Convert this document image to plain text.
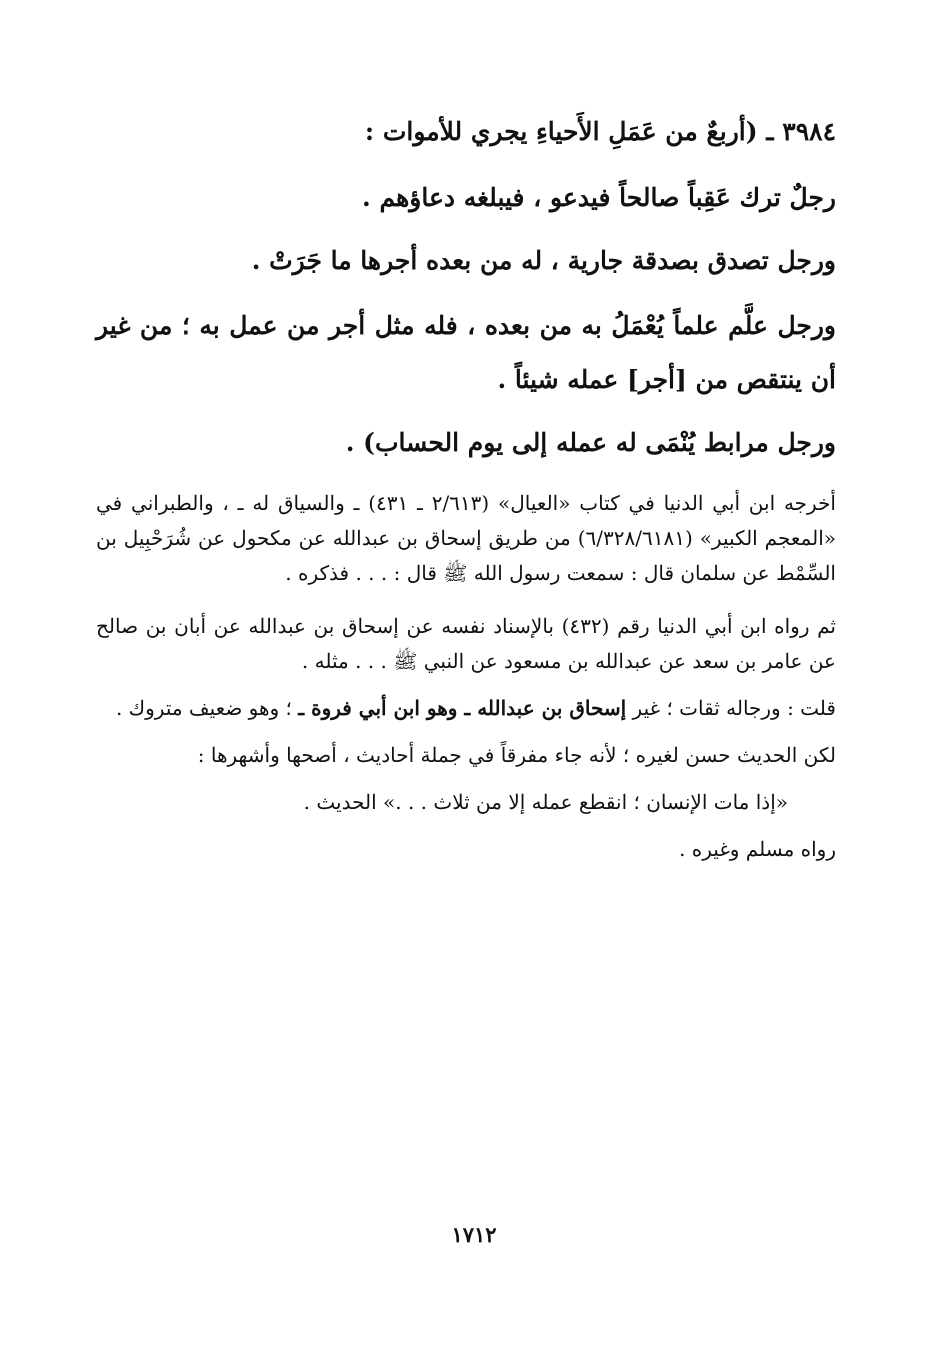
٣٩٨٤ ـ (أربعٌ من عَمَلِ الأَحياءِ يجري للأموات :

رجلٌ ترك عَقِباً صالحاً فيدعو ، فيبلغه دعاؤهم .

ورجل تصدق بصدقة جارية ، له من بعده أجرها ما جَرَتْ .

ورجل علَّم علماً يُعْمَلُ به من بعده ، فله مثل أجر من عمل به ؛ من غير أن ينتقص من [أجر] عمله شيئاً .

ورجل مرابط يُنْمَى له عمله إلى يوم الحساب) .

أخرجه ابن أبي الدنيا في كتاب «العيال» (٢/٦١٣ ـ ٤٣١) ـ والسياق له ـ ، والطبراني في «المعجم الكبير» (٦/٣٢٨/٦١٨١) من طريق إسحاق بن عبدالله عن مكحول عن شُرَحْبِيل بن السِّمْط عن سلمان قال : سمعت رسول الله ﷺ قال : . . . فذكره .

ثم رواه ابن أبي الدنيا رقم (٤٣٢) بالإسناد نفسه عن إسحاق بن عبدالله عن أبان بن صالح عن عامر بن سعد عن عبدالله بن مسعود عن النبي ﷺ . . . مثله .

قلت : ورجاله ثقات ؛ غير إسحاق بن عبدالله ـ وهو ابن أبي فروة ـ ؛ وهو ضعيف متروك .

لكن الحديث حسن لغيره ؛ لأنه جاء مفرقاً في جملة أحاديث ، أصحها وأشهرها :

«إذا مات الإنسان ؛ انقطع عمله إلا من ثلاث . . .» الحديث .

رواه مسلم وغيره .

١٧١٢
